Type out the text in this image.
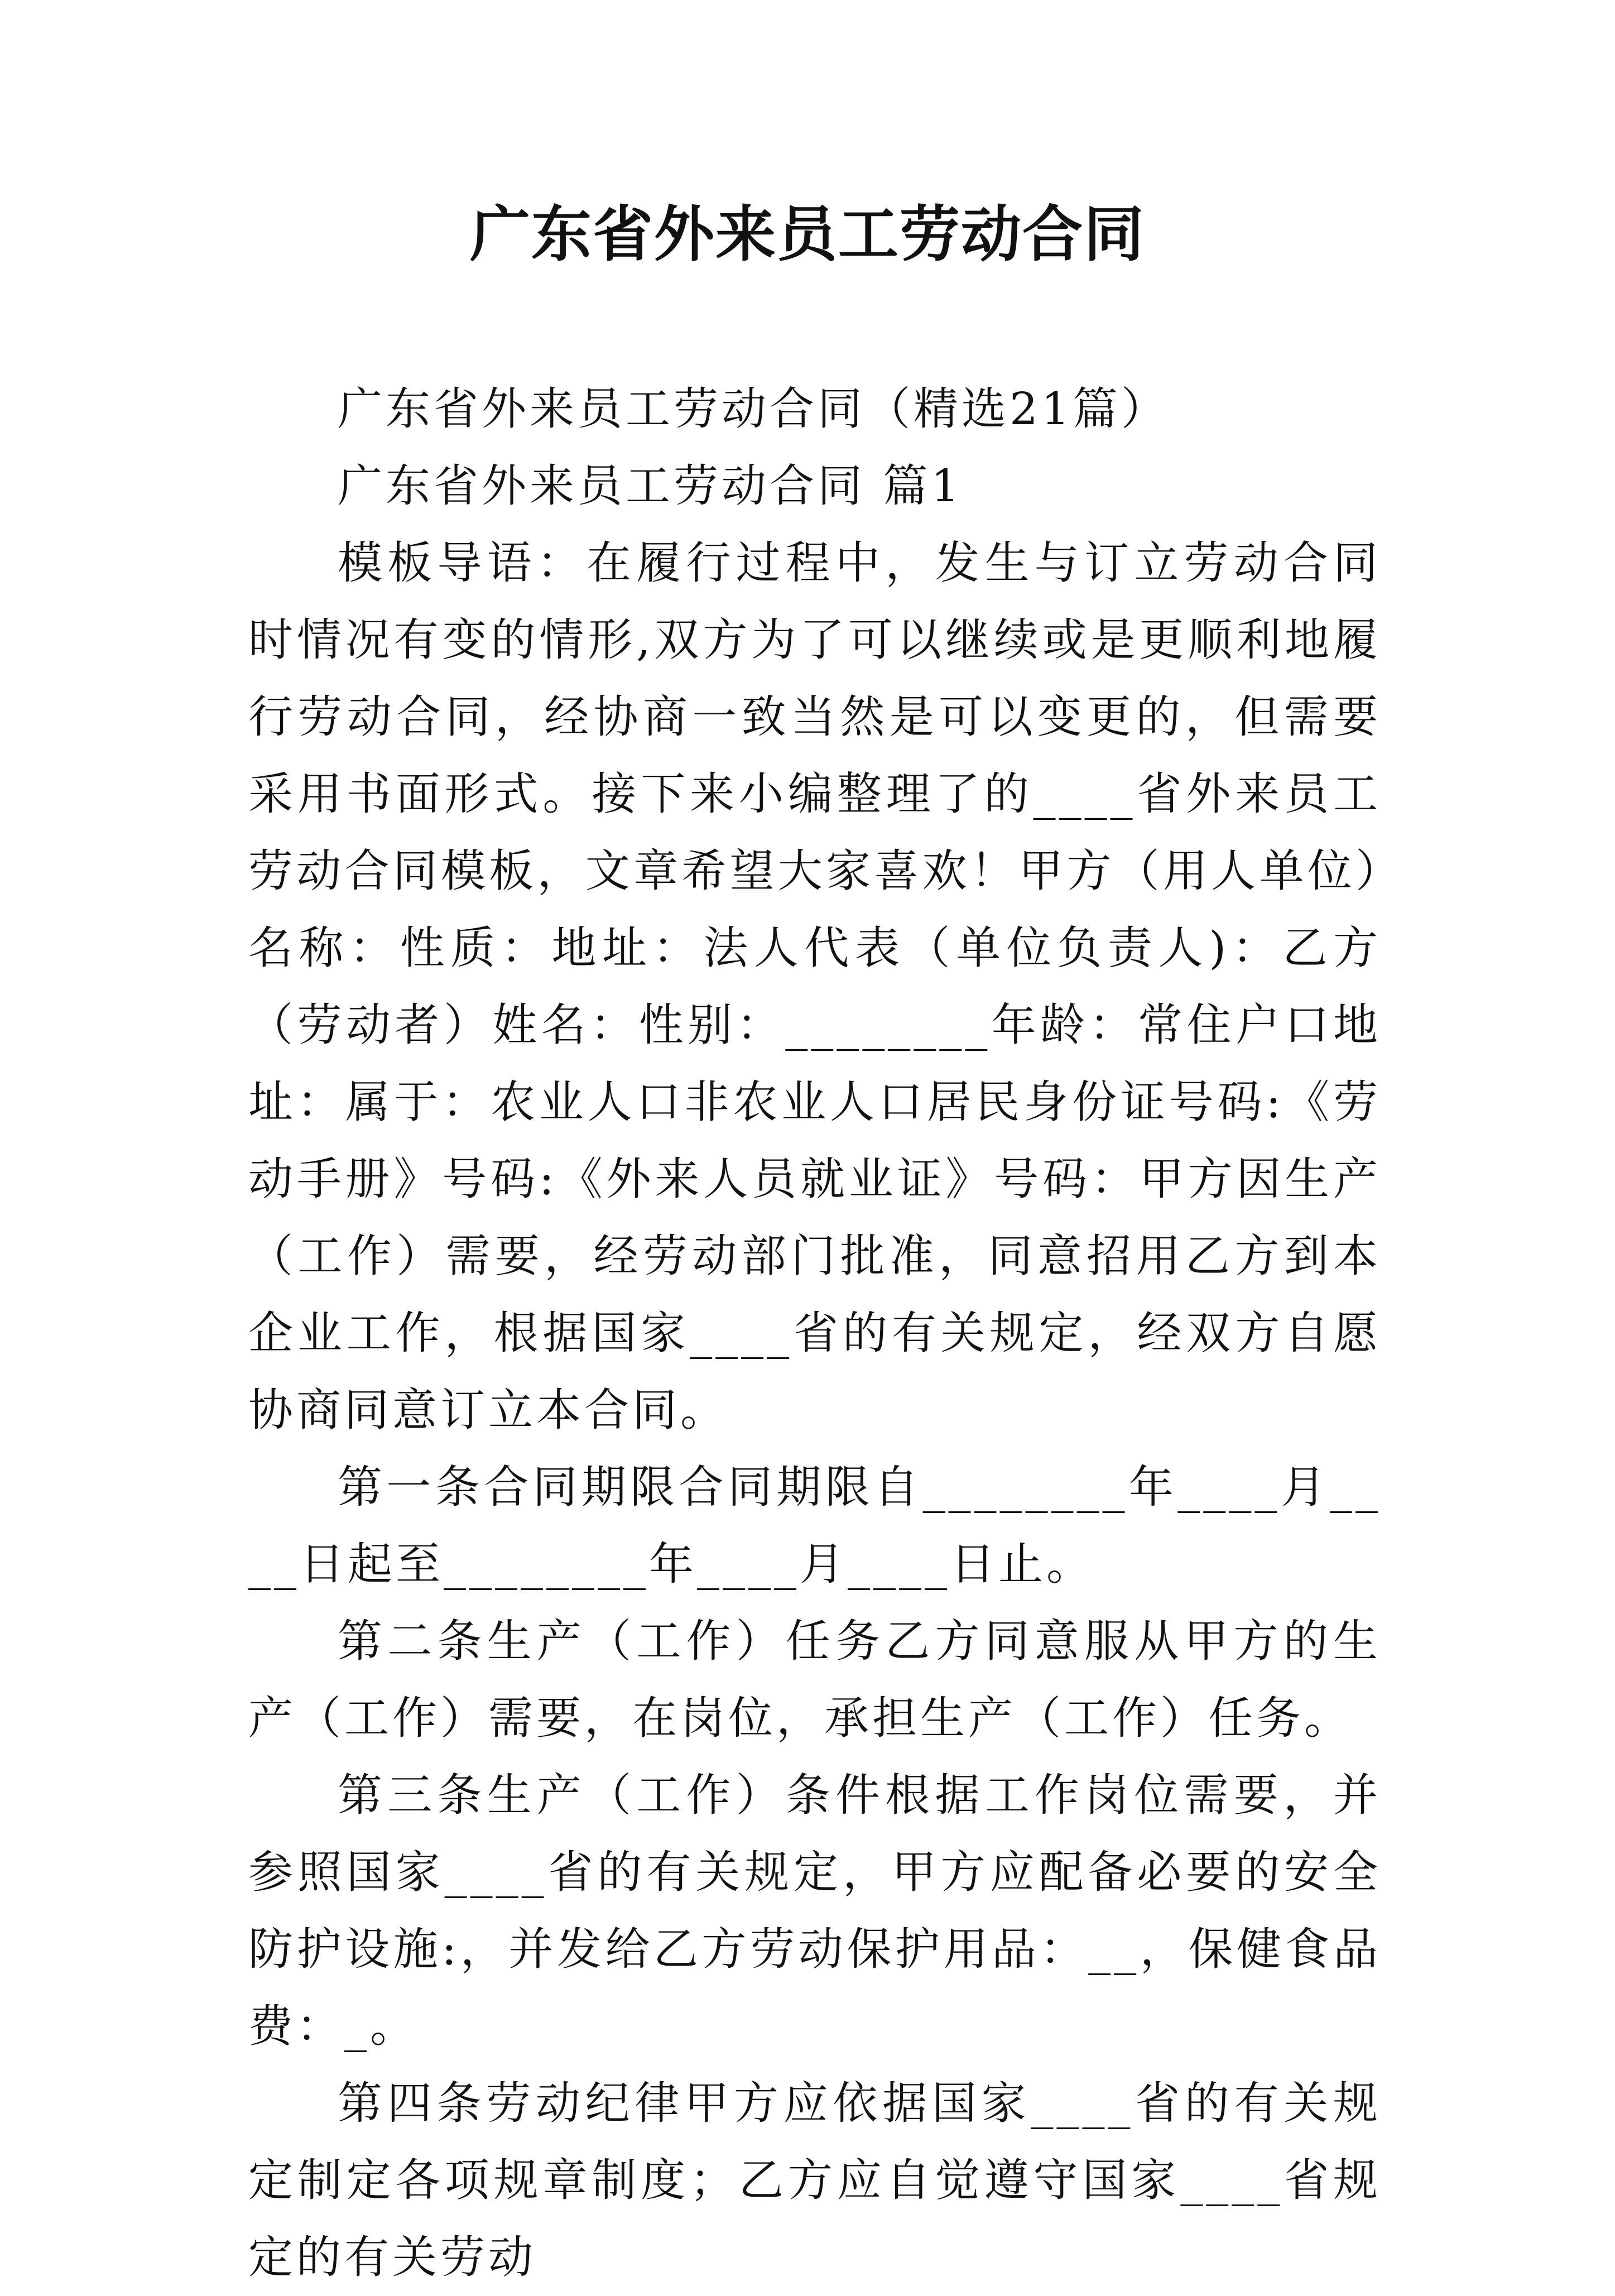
广东省外来员工劳动合同

广东省外来员工劳动合同（精选21篇）

广东省外来员工劳动合同 篇1

模板导语：在履行过程中，发生与订立劳动合同时情况有变的情形,双方为了可以继续或是更顺利地履行劳动合同，经协商一致当然是可以变更的，但需要采用书面形式。接下来小编整理了的____省外来员工劳动合同模板，文章希望大家喜欢！甲方（用人单位）名称：性质：地址：法人代表（单位负责人)：乙方（劳动者）姓名：性别：________年龄：常住户口地址：属于：农业人口非农业人口居民身份证号码:《劳动手册》号码:《外来人员就业证》号码：甲方因生产（工作）需要，经劳动部门批准，同意招用乙方到本企业工作，根据国家____省的有关规定，经双方自愿协商同意订立本合同。

第一条合同期限合同期限自________年____月____日起至________年____月____日止。

第二条生产（工作）任务乙方同意服从甲方的生产（工作）需要，在岗位，承担生产（工作）任务。

第三条生产（工作）条件根据工作岗位需要，并参照国家____省的有关规定，甲方应配备必要的安全防护设施:，并发给乙方劳动保护用品：__，保健食品费：_。

第四条劳动纪律甲方应依据国家____省的有关规定制定各项规章制度；乙方应自觉遵守国家____省规定的有关劳动
